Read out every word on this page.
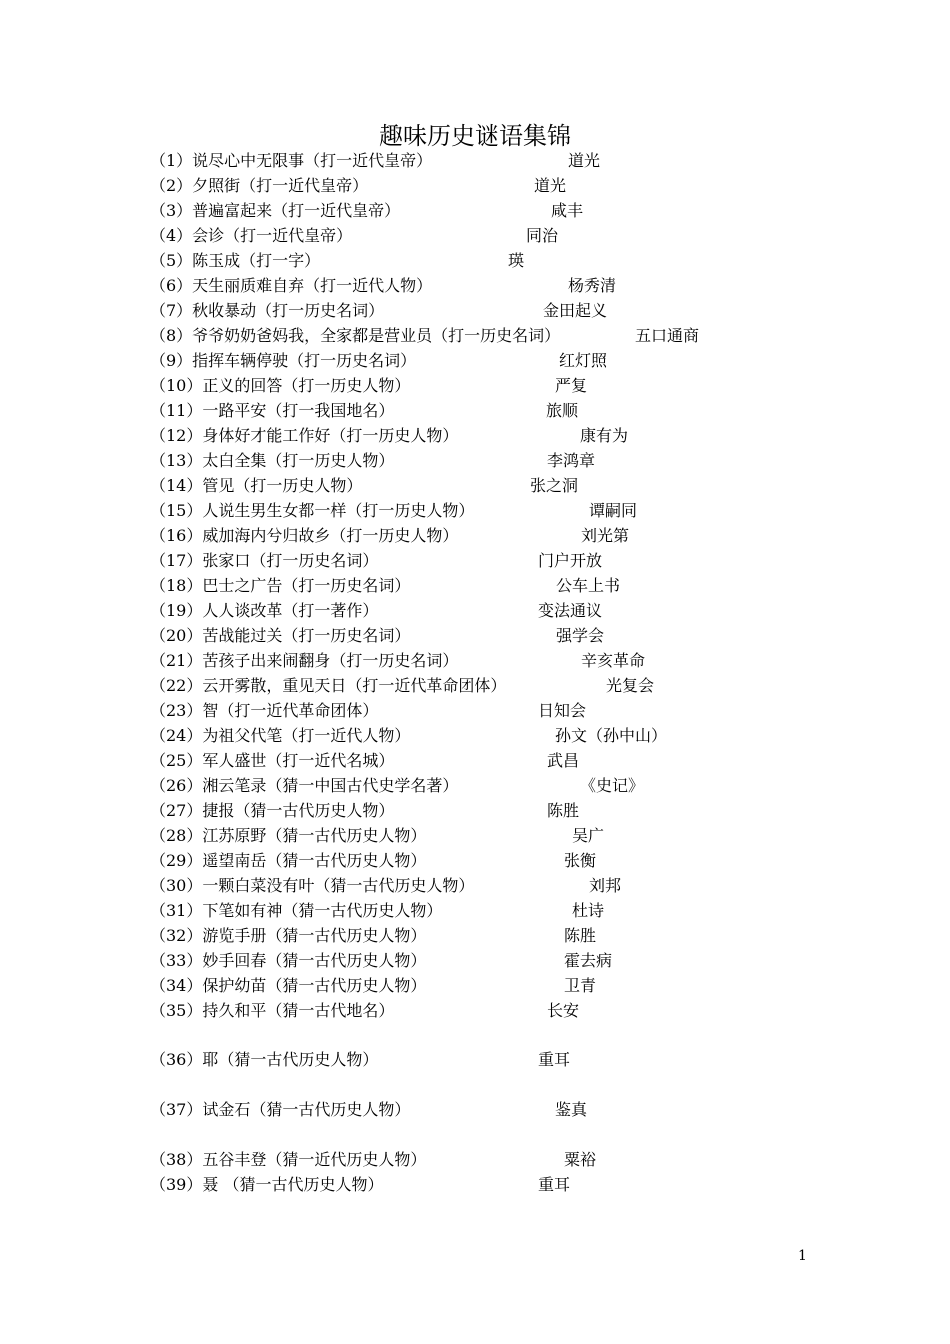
趣味历史谜语集锦
（1）说尽心中无限事（打一近代皇帝）	道光
（2）夕照街（打一近代皇帝）	道光
（3）普遍富起来（打一近代皇帝）	咸丰
（4）会诊（打一近代皇帝）	同治
（5）陈玉成（打一字）	瑛
（6）天生丽质难自弃（打一近代人物）	杨秀清
（7）秋收暴动（打一历史名词）	金田起义
（8）爷爷奶奶爸妈我，全家都是营业员（打一历史名词）	五口通商
（9）指挥车辆停驶（打一历史名词）	红灯照
（10）正义的回答（打一历史人物）	严复
（11）一路平安（打一我国地名）	旅顺
（12）身体好才能工作好（打一历史人物）	康有为
（13）太白全集（打一历史人物）	李鸿章
（14）管见（打一历史人物）	张之洞
（15）人说生男生女都一样（打一历史人物）	谭嗣同
（16）威加海内兮归故乡（打一历史人物）	刘光第
（17）张家口（打一历史名词）	门户开放
（18）巴士之广告（打一历史名词）	公车上书
（19）人人谈改革（打一著作）	变法通议
（20）苦战能过关（打一历史名词）	强学会
（21）苦孩子出来闹翻身（打一历史名词）	辛亥革命
（22）云开雾散，重见天日（打一近代革命团体）	光复会
（23）智（打一近代革命团体）	日知会
（24）为祖父代笔（打一近代人物）	孙文（孙中山）
（25）军人盛世（打一近代名城）	武昌
（26）湘云笔录（猜一中国古代史学名著）	《史记》
（27）捷报（猜一古代历史人物）	陈胜
（28）江苏原野（猜一古代历史人物）	吴广
（29）遥望南岳（猜一古代历史人物）	张衡
（30）一颗白菜没有叶（猜一古代历史人物）	刘邦
（31）下笔如有神（猜一古代历史人物）	杜诗
（32）游览手册（猜一古代历史人物）	陈胜
（33）妙手回春（猜一古代历史人物）	霍去病
（34）保护幼苗（猜一古代历史人物）	卫青
（35）持久和平（猜一古代地名）	长安
（36）耶（猜一古代历史人物）	重耳
（37）试金石（猜一古代历史人物）	鉴真
（38）五谷丰登（猜一近代历史人物）	粟裕
（39）聂 （猜一古代历史人物）	重耳
1
